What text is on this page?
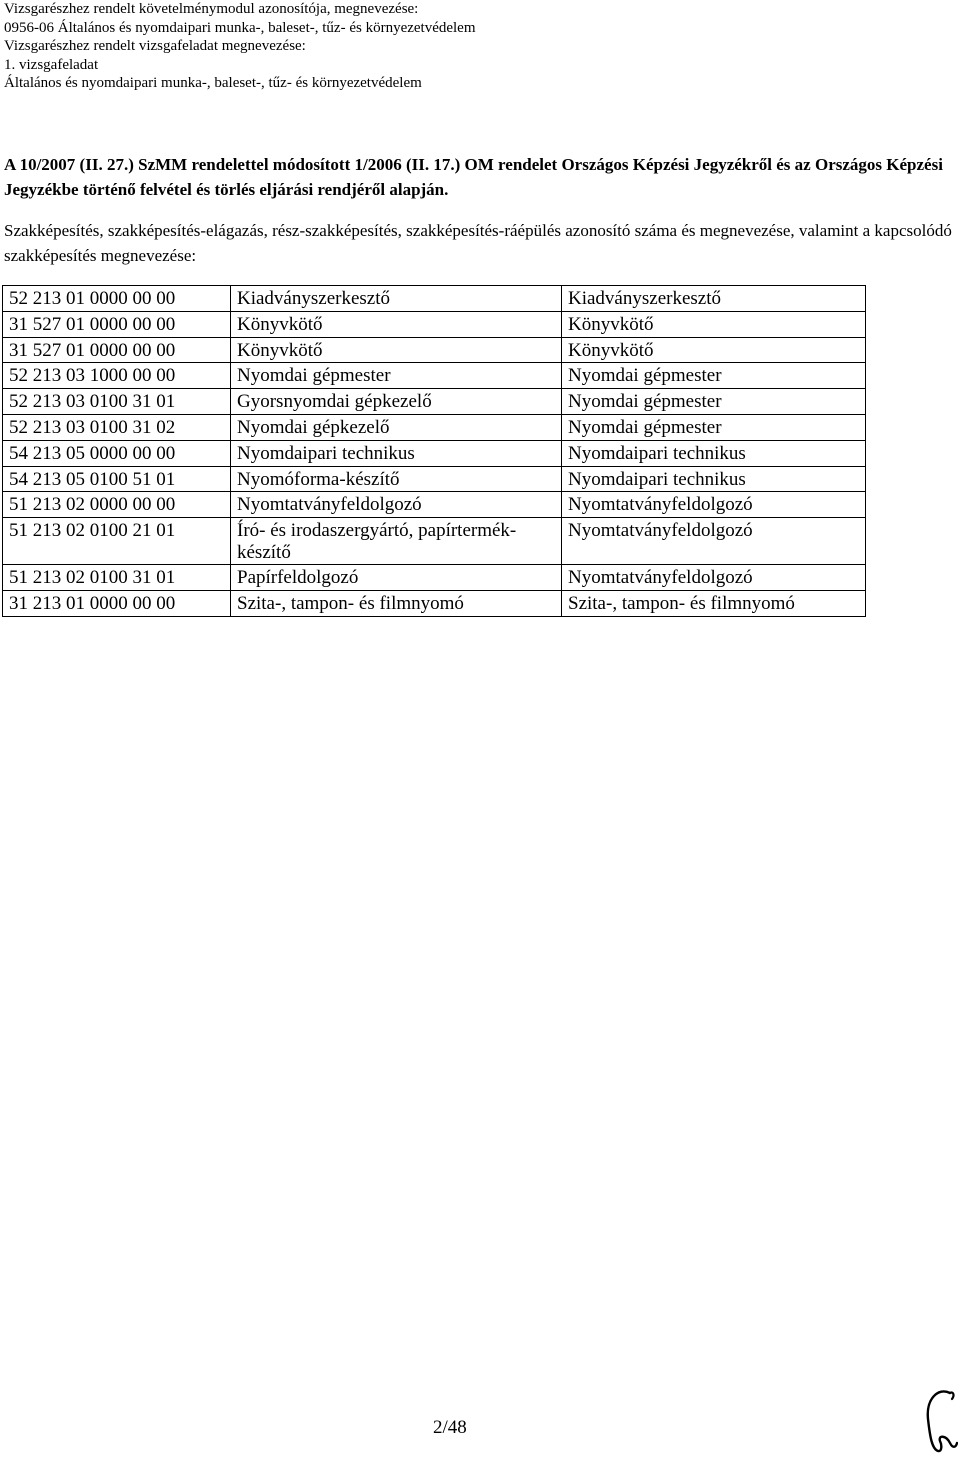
Vizsgarészhez rendelt követelménymodul azonosítója, megnevezése:
0956-06 Általános és nyomdaipari munka-, baleset-, tűz- és környezetvédelem
Vizsgarészhez rendelt vizsgafeladat megnevezése:
1. vizsgafeladat
Általános és nyomdaipari munka-, baleset-, tűz- és környezetvédelem
A 10/2007 (II. 27.) SzMM rendelettel módosított 1/2006 (II. 17.) OM rendelet Országos Képzési Jegyzékről és az Országos Képzési Jegyzékbe történő felvétel és törlés eljárási rendjéről alapján.
Szakképesítés, szakképesítés-elágazás, rész-szakképesítés, szakképesítés-ráépülés azonosító száma és megnevezése, valamint a kapcsolódó szakképesítés megnevezése:
52 213 01 0000 00 00	Kiadványszerkesztő	Kiadványszerkesztő
31 527 01 0000 00 00	Könyvkötő	Könyvkötő
31 527 01 0000 00 00	Könyvkötő	Könyvkötő
52 213 03 1000 00 00	Nyomdai gépmester	Nyomdai gépmester
52 213 03 0100 31 01	Gyorsnyomdai gépkezelő	Nyomdai gépmester
52 213 03 0100 31 02	Nyomdai gépkezelő	Nyomdai gépmester
54 213 05 0000 00 00	Nyomdaipari technikus	Nyomdaipari technikus
54 213 05 0100 51 01	Nyomóforma-készítő	Nyomdaipari technikus
51 213 02 0000 00 00	Nyomtatványfeldolgozó	Nyomtatványfeldolgozó
51 213 02 0100 21 01	Író- és irodaszergyártó, papírtermék-készítő	Nyomtatványfeldolgozó
51 213 02 0100 31 01	Papírfeldolgozó	Nyomtatványfeldolgozó
31 213 01 0000 00 00	Szita-, tampon- és filmnyomó	Szita-, tampon- és filmnyomó
2/48
